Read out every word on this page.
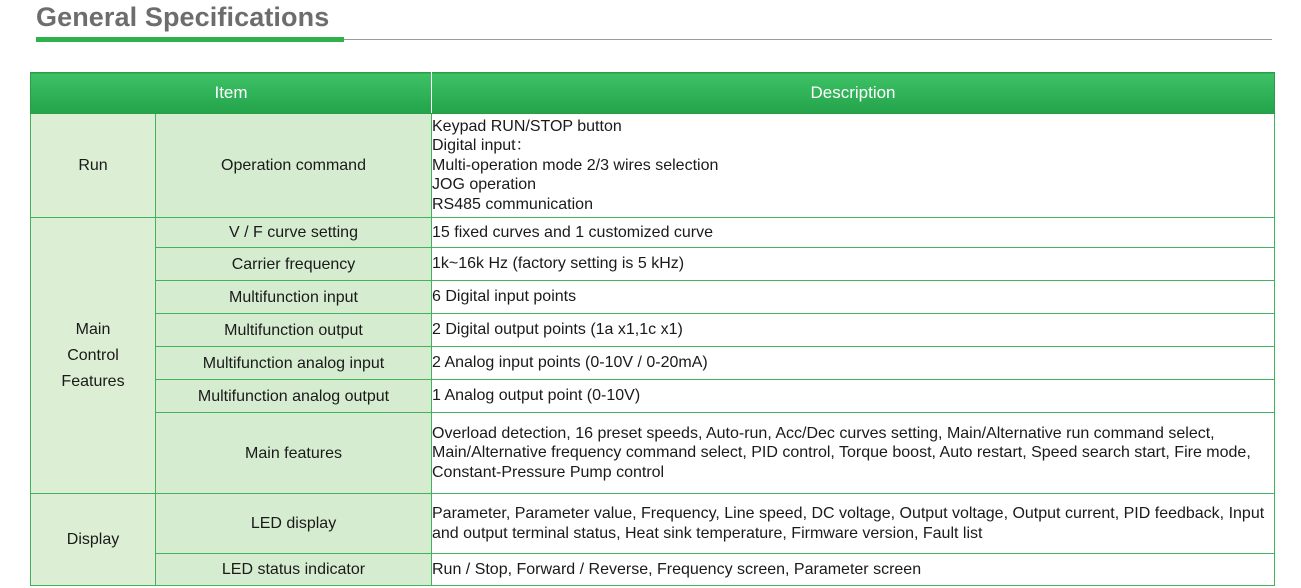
General Specifications
Item		Description
Run	Operation command	Keypad RUN/STOP button
Digital input：
Multi-operation mode 2/3 wires selection
JOG operation
RS485 communication

Main
Control
Features	V / F curve setting	15 fixed curves and 1 customized curve
	Carrier frequency	1k~16k Hz (factory setting is 5 kHz)
	Multifunction input	6 Digital input points
	Multifunction output	2 Digital output points (1a x1,1c x1)
	Multifunction analog input	2 Analog input points (0-10V / 0-20mA)
	Multifunction analog output	1 Analog output point (0-10V)
	Main features	Overload detection, 16 preset speeds, Auto-run, Acc/Dec curves setting, Main/Alternative run command select, Main/Alternative frequency command select, PID control, Torque boost, Auto restart, Speed search start, Fire mode, Constant-Pressure Pump control

Display	LED display	Parameter, Parameter value, Frequency, Line speed, DC voltage, Output voltage, Output current, PID feedback, Input and output terminal status, Heat sink temperature, Firmware version, Fault list

	LED status indicator	Run / Stop, Forward / Reverse, Frequency screen, Parameter screen
